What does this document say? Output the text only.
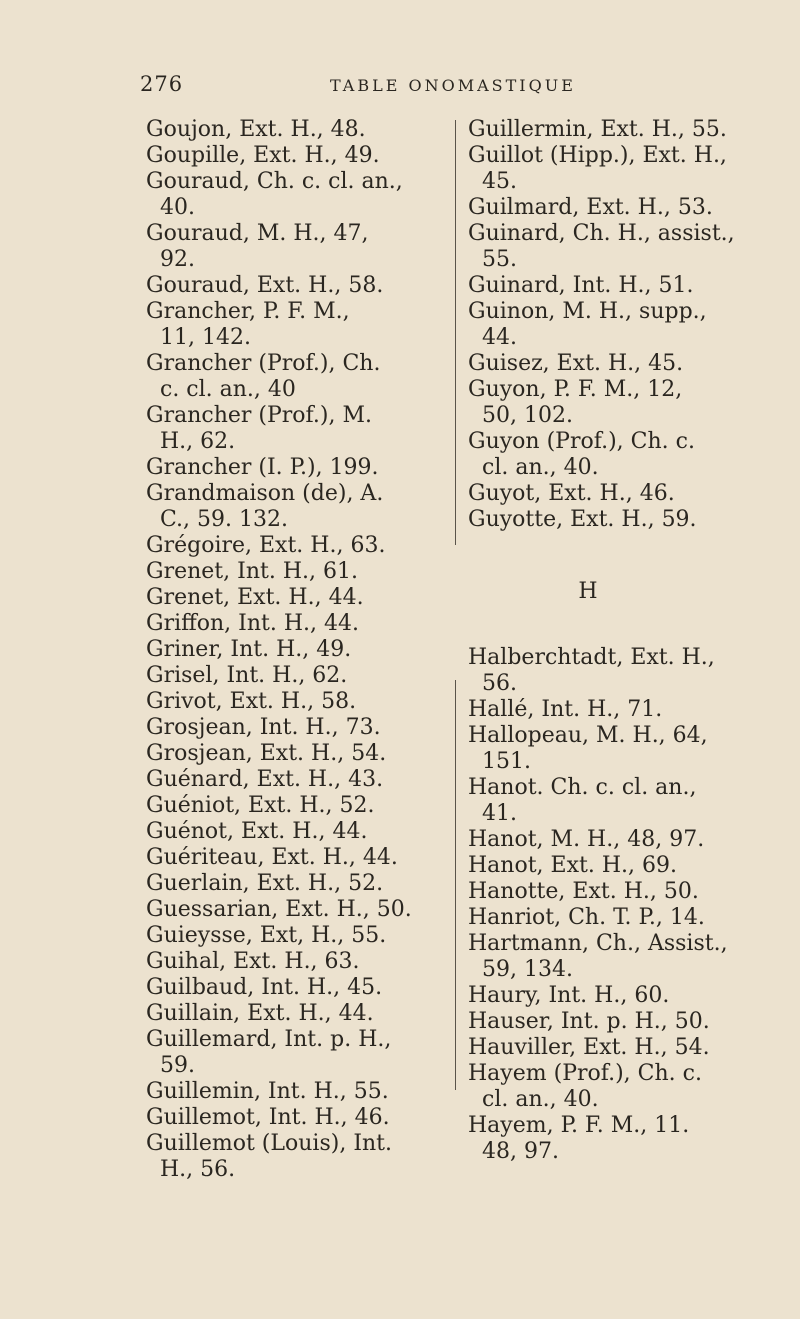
276	TABLE ONOMASTIQUE
Goujon, Ext. H., 48.
Goupille, Ext. H., 49.
Gouraud, Ch. c. cl. an.,
40.
Gouraud, M. H., 47,
92.
Gouraud, Ext. H., 58.
Grancher, P. F. M.,
11, 142.
Grancher (Prof.), Ch.
c. cl. an., 40
Grancher (Prof.), M.
H., 62.
Grancher (I. P.), 199.
Grandmaison (de), A.
C., 59. 132.
Grégoire, Ext. H., 63.
Grenet, Int. H., 61.
Grenet, Ext. H., 44.
Griffon, Int. H., 44.
Griner, Int. H., 49.
Grisel, Int. H., 62.
Grivot, Ext. H., 58.
Grosjean, Int. H., 73.
Grosjean, Ext. H., 54.
Guénard, Ext. H., 43.
Guéniot, Ext. H., 52.
Guénot, Ext. H., 44.
Guériteau, Ext. H., 44.
Guerlain, Ext. H., 52.
Guessarian, Ext. H., 50.
Guieysse, Ext, H., 55.
Guihal, Ext. H., 63.
Guilbaud, Int. H., 45.
Guillain, Ext. H., 44.
Guillemard, Int. p. H.,
59.
Guillemin, Int. H., 55.
Guillemot, Int. H., 46.
Guillemot (Louis), Int.
H., 56.
Guillermin, Ext. H., 55.
Guillot (Hipp.), Ext. H.,
45.
Guilmard, Ext. H., 53.
Guinard, Ch. H., assist.,
55.
Guinard, Int. H., 51.
Guinon, M. H., supp.,
44.
Guisez, Ext. H., 45.
Guyon, P. F. M., 12,
50, 102.
Guyon (Prof.), Ch. c.
cl. an., 40.
Guyot, Ext. H., 46.
Guyotte, Ext. H., 59.
H
Halberchtadt, Ext. H.,
56.
Hallé, Int. H., 71.
Hallopeau, M. H., 64,
151.
Hanot. Ch. c. cl. an.,
41.
Hanot, M. H., 48, 97.
Hanot, Ext. H., 69.
Hanotte, Ext. H., 50.
Hanriot, Ch. T. P., 14.
Hartmann, Ch., Assist.,
59, 134.
Haury, Int. H., 60.
Hauser, Int. p. H., 50.
Hauviller, Ext. H., 54.
Hayem (Prof.), Ch. c.
cl. an., 40.
Hayem, P. F. M., 11.
48, 97.
